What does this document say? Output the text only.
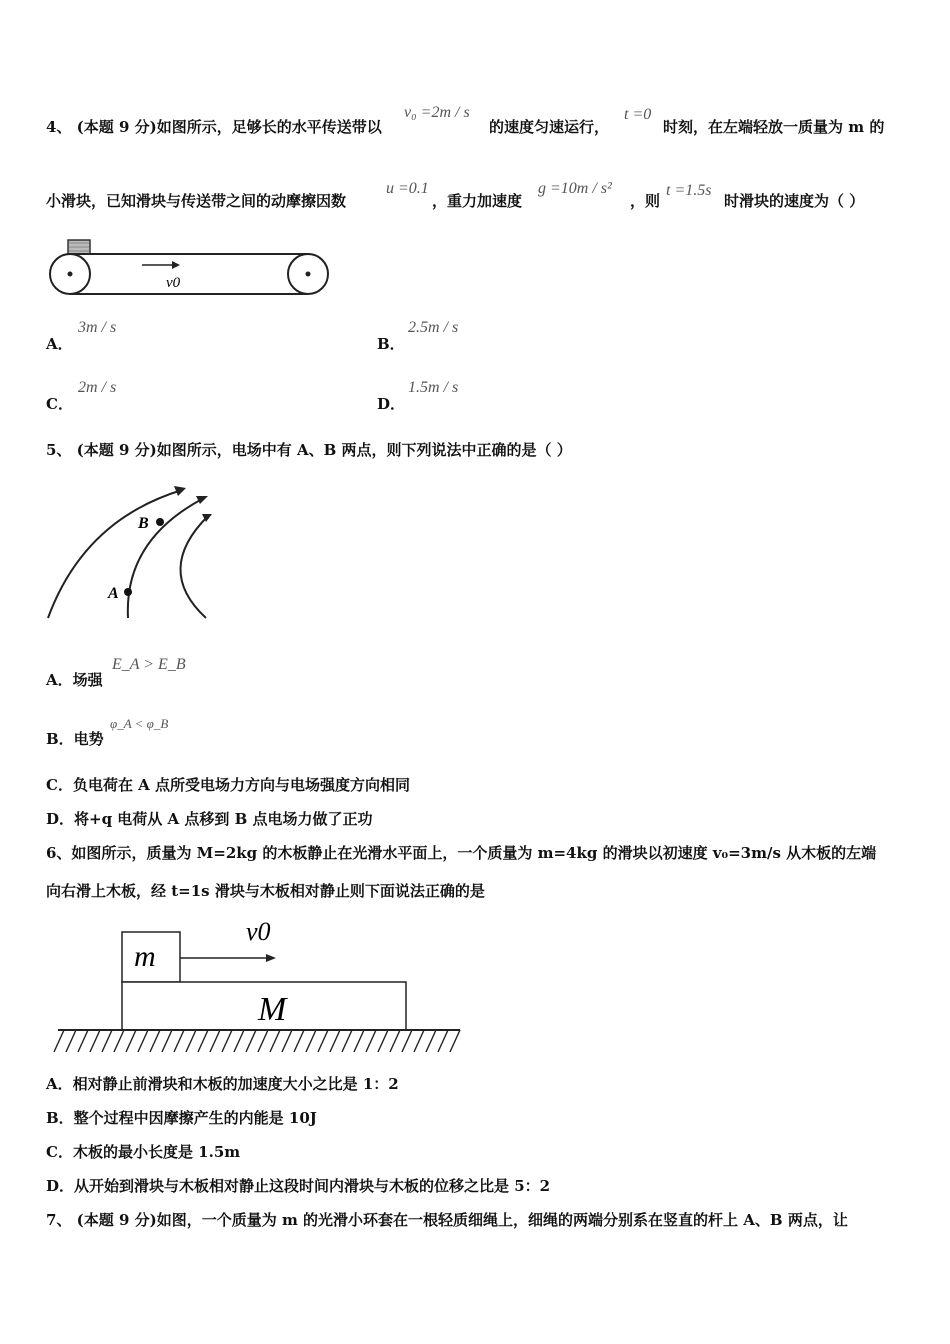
4、 (本题 9 分)如图所示，足够长的水平传送带以
v₀ =2m / s
的速度匀速运行，
t =0
时刻，在左端轻放一质量为 m 的
小滑块，已知滑块与传送带之间的动摩擦因数
u =0.1
，重力加速度
g =10m / s²
，则
t =1.5s
时滑块的速度为（ ）
v0
A．
3m / s
B．
2.5m / s
C．
2m / s
D．
1.5m / s
5、 (本题 9 分)如图所示，电场中有 A、B 两点，则下列说法中正确的是（ ）
A
B
A．场强
E_A > E_B
B．电势
φ_A < φ_B
C．负电荷在 A 点所受电场力方向与电场强度方向相同
D．将+q 电荷从 A 点移到 B 点电场力做了正功
6、如图所示，质量为 M=2kg 的木板静止在光滑水平面上，一个质量为 m=4kg 的滑块以初速度 v₀=3m/s 从木板的左端
向右滑上木板，经 t=1s 滑块与木板相对静止则下面说法正确的是
m
v0
M
A．相对静止前滑块和木板的加速度大小之比是 1：2
B．整个过程中因摩擦产生的内能是 10J
C．木板的最小长度是 1.5m
D．从开始到滑块与木板相对静止这段时间内滑块与木板的位移之比是 5：2
7、 (本题 9 分)如图，一个质量为 m 的光滑小环套在一根轻质细绳上，细绳的两端分别系在竖直的杆上 A、B 两点，让
